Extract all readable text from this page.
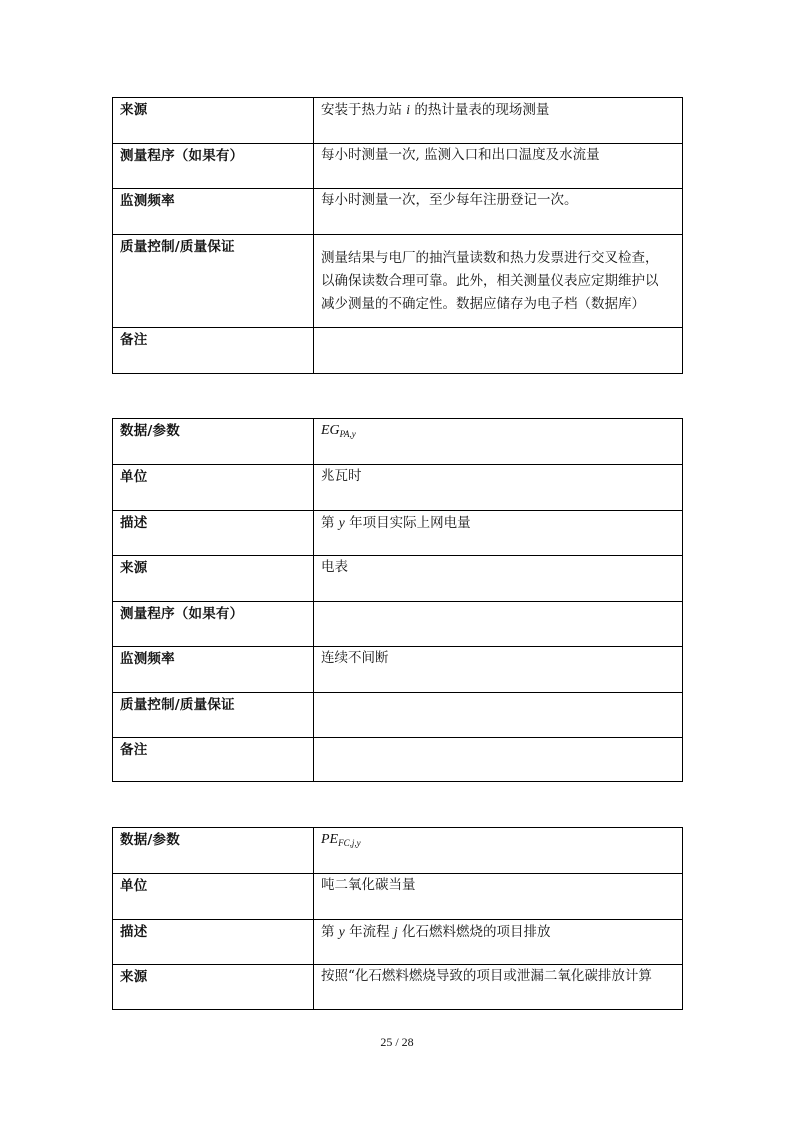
来源	安装于热力站 i 的热计量表的现场测量
测量程序（如果有）	每小时测量一次, 监测入口和出口温度及水流量
监测频率	每小时测量一次，至少每年注册登记一次。
质量控制/质量保证	测量结果与电厂的抽汽量读数和热力发票进行交叉检查，
以确保读数合理可靠。此外，相关测量仪表应定期维护以
减少测量的不确定性。数据应储存为电子档（数据库）

备注	
数据/参数	$EG_{PA,y}$
单位	兆瓦时
描述	第 y 年项目实际上网电量
来源	电表
测量程序（如果有）	
监测频率	连续不间断
质量控制/质量保证	
备注	
数据/参数	$PE_{FC,j,y}$
单位	吨二氧化碳当量
描述	第 y 年流程 j 化石燃料燃烧的项目排放
来源	按照“化石燃料燃烧导致的项目或泄漏二氧化碳排放计算
25 / 28
